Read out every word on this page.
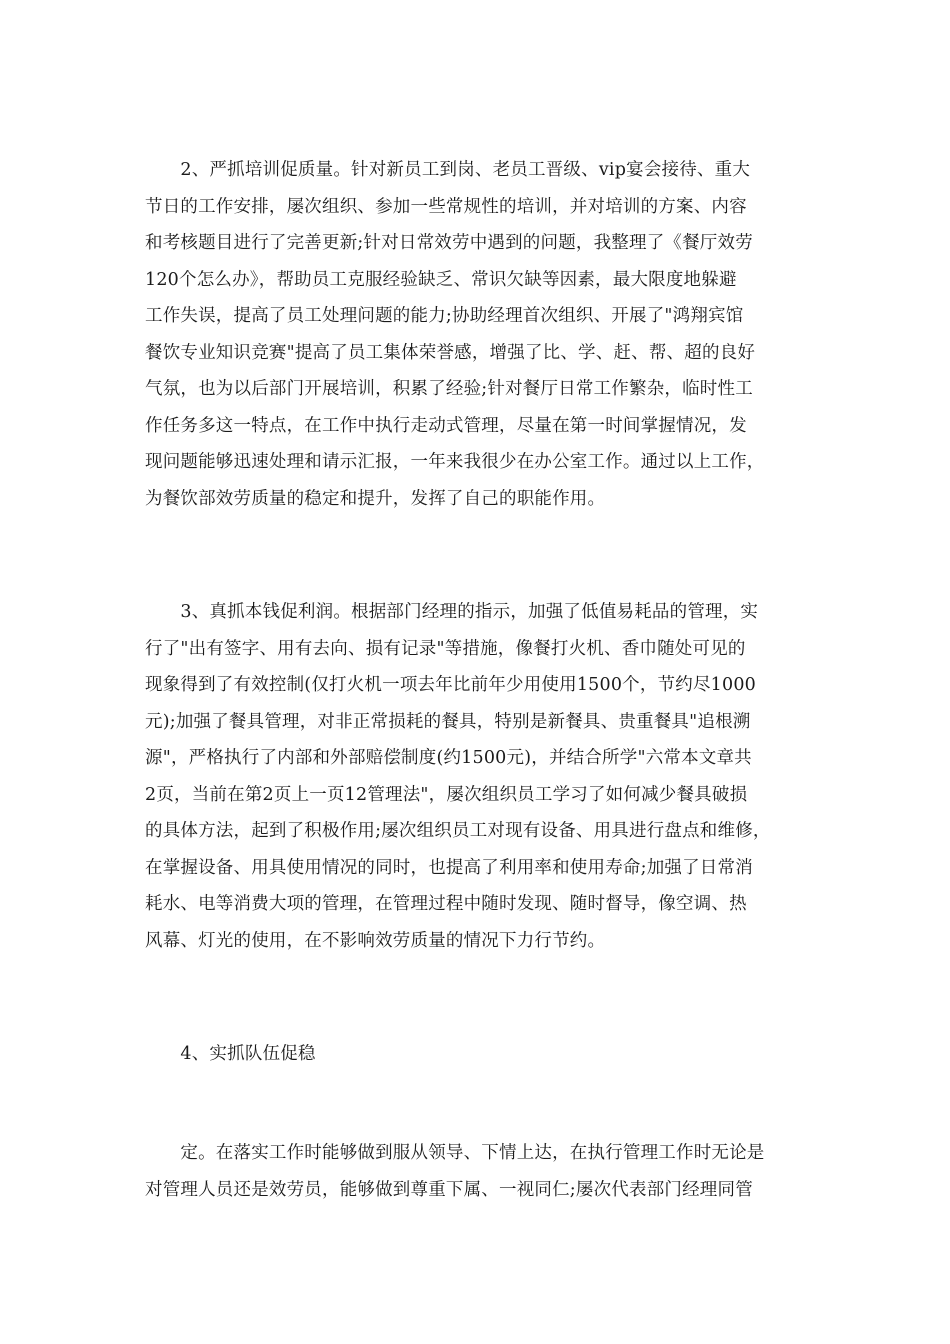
　　2、严抓培训促质量。针对新员工到岗、老员工晋级、vip宴会接待、重大
节日的工作安排，屡次组织、参加一些常规性的培训，并对培训的方案、内容
和考核题目进行了完善更新;针对日常效劳中遇到的问题，我整理了《餐厅效劳
120个怎么办》，帮助员工克服经验缺乏、常识欠缺等因素，最大限度地躲避
工作失误，提高了员工处理问题的能力;协助经理首次组织、开展了"鸿翔宾馆
餐饮专业知识竞赛"提高了员工集体荣誉感，增强了比、学、赶、帮、超的良好
气氛，也为以后部门开展培训，积累了经验;针对餐厅日常工作繁杂，临时性工
作任务多这一特点，在工作中执行走动式管理，尽量在第一时间掌握情况，发
现问题能够迅速处理和请示汇报，一年来我很少在办公室工作。通过以上工作，
为餐饮部效劳质量的稳定和提升，发挥了自己的职能作用。

　　3、真抓本钱促利润。根据部门经理的指示，加强了低值易耗品的管理，实
行了"出有签字、用有去向、损有记录"等措施，像餐打火机、香巾随处可见的
现象得到了有效控制(仅打火机一项去年比前年少用使用1500个，节约尽1000
元);加强了餐具管理，对非正常损耗的餐具，特别是新餐具、贵重餐具"追根溯
源"，严格执行了内部和外部赔偿制度(约1500元)，并结合所学"六常本文章共
2页，当前在第2页上一页12管理法"，屡次组织员工学习了如何减少餐具破损
的具体方法，起到了积极作用;屡次组织员工对现有设备、用具进行盘点和维修，
在掌握设备、用具使用情况的同时，也提高了利用率和使用寿命;加强了日常消
耗水、电等消费大项的管理，在管理过程中随时发现、随时督导，像空调、热
风幕、灯光的使用，在不影响效劳质量的情况下力行节约。

　　4、实抓队伍促稳

　　定。在落实工作时能够做到服从领导、下情上达，在执行管理工作时无论是
对管理人员还是效劳员，能够做到尊重下属、一视同仁;屡次代表部门经理同管
